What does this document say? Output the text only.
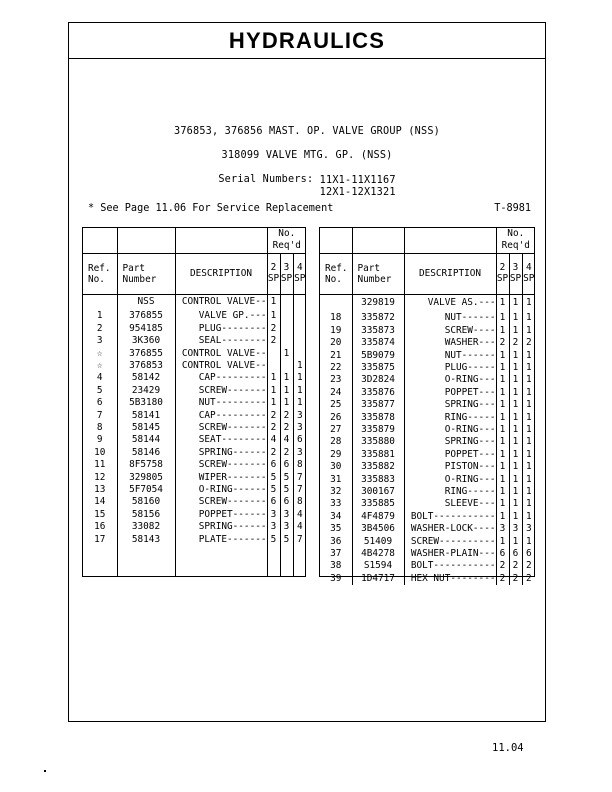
HYDRAULICS
376853, 376856 MAST. OP. VALVE GROUP (NSS)
318099 VALVE MTG. GP. (NSS)
Serial Numbers: 11X1-11X1167
12X1-12X1321
* See Page 11.06 For Service Replacement	T-8981
			No. Req'd		

Ref.
No.

Part
Number
	DESCRIPTION	2
SP

3
SP

4
SP

	NSS	CONTROL VALVE--	1		
1	376855	VALVE GP.---	1		
2	954185	PLUG--------	2		
3	3K360	SEAL--------	2		
☆	376855	CONTROL VALVE--		1	
☆	376853	CONTROL VALVE--			1
4	58142	CAP---------	1	1	1
5	23429	SCREW-------	1	1	1
6	5B3180	NUT---------	1	1	1
7	58141	CAP---------	2	2	3
8	58145	SCREW-------	2	2	3
9	58144	SEAT--------	4	4	6
10	58146	SPRING------	2	2	3
11	8F5758	SCREW-------	6	6	8
12	329805	WIPER-------	5	5	7
13	5F7054	O-RING------	5	5	7
14	58160	SCREW-------	6	6	8
15	58156	POPPET------	3	3	4
16	33082	SPRING------	3	3	4
17	58143	PLATE-------	5	5	7

			No. Req'd		

Ref.
No.

Part
Number
	DESCRIPTION	2
SP

3
SP

4
SP

	329819	VALVE AS.---	1	1	1
18	335872	NUT------	1	1	1
19	335873	SCREW----	1	1	1
20	335874	WASHER---	2	2	2
21	5B9079	NUT------	1	1	1
22	335875	PLUG-----	1	1	1
23	3D2824	O-RING---	1	1	1
24	335876	POPPET---	1	1	1
25	335877	SPRING---	1	1	1
26	335878	RING-----	1	1	1
27	335879	O-RING---	1	1	1
28	335880	SPRING---	1	1	1
29	335881	POPPET---	1	1	1
30	335882	PISTON---	1	1	1
31	335883	O-RING---	1	1	1
32	300167	RING-----	1	1	1
33	335885	SLEEVE---	1	1	1
34	4F4879	BOLT-----------	1	1	1
35	3B4506	WASHER-LOCK----	3	3	3
36	51409	SCREW----------	1	1	1
37	4B4278	WASHER-PLAIN---	6	6	6
38	S1594	BOLT-----------	2	2	2
39	1D4717	HEX NUT--------	2	2	2

11.04
